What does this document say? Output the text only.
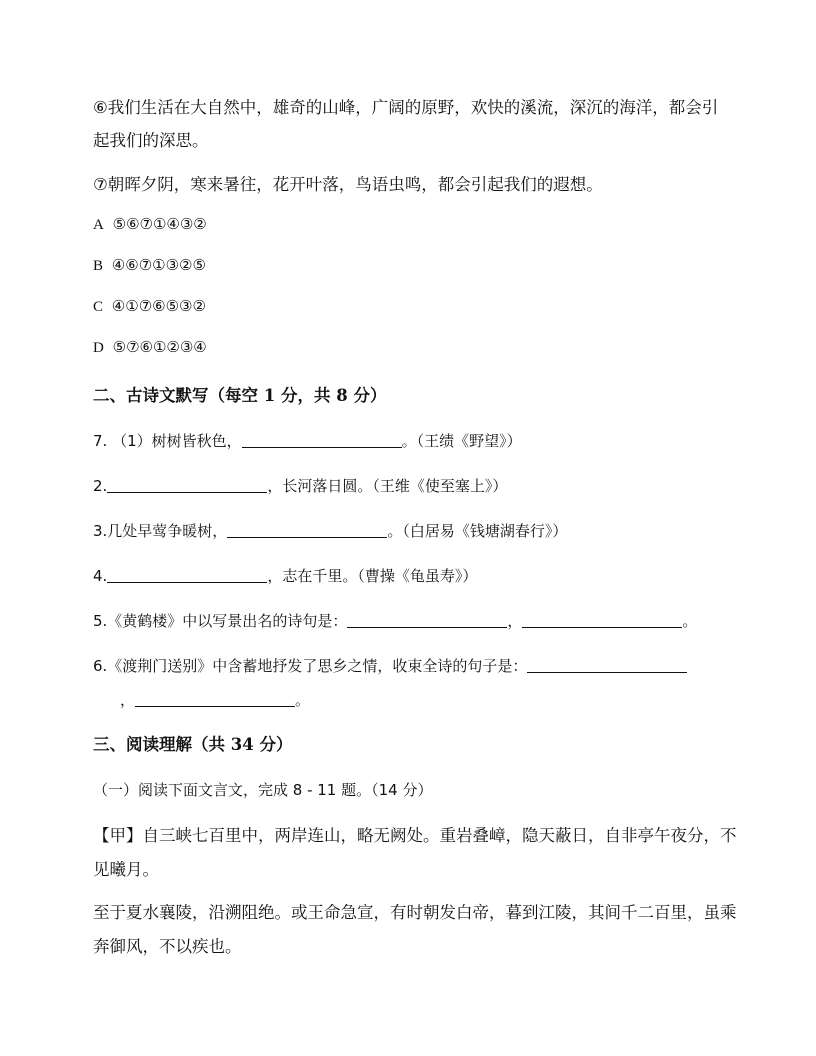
⑥我们生活在大自然中，雄奇的山峰，广阔的原野，欢快的溪流，深沉的海洋，都会引
起我们的深思。
⑦朝晖夕阴，寒来暑往，花开叶落，鸟语虫鸣，都会引起我们的遐想。
A ⑤⑥⑦①④③②
B ④⑥⑦①③②⑤
C ④①⑦⑥⑤③②
D ⑤⑦⑥①②③④
二、古诗文默写（每空 1 分，共 8 分）
7. （1）树树皆秋色，	。（王绩《野望》）
2.	，长河落日圆。（王维《使至塞上》）
3.几处早莺争暖树，	。（白居易《钱塘湖春行》）
4.	，志在千里。（曹操《龟虽寿》）
5.《黄鹤楼》中以写景出名的诗句是：	，	。
6.《渡荆门送别》中含蓄地抒发了思乡之情，收束全诗的句子是：
，	。
三、阅读理解（共 34 分）
（一）阅读下面文言文，完成 8 - 11 题。（14 分）
【甲】自三峡七百里中，两岸连山，略无阙处。重岩叠嶂，隐天蔽日，自非亭午夜分，不
见曦月。
至于夏水襄陵，沿溯阻绝。或王命急宣，有时朝发白帝，暮到江陵，其间千二百里，虽乘
奔御风，不以疾也。
